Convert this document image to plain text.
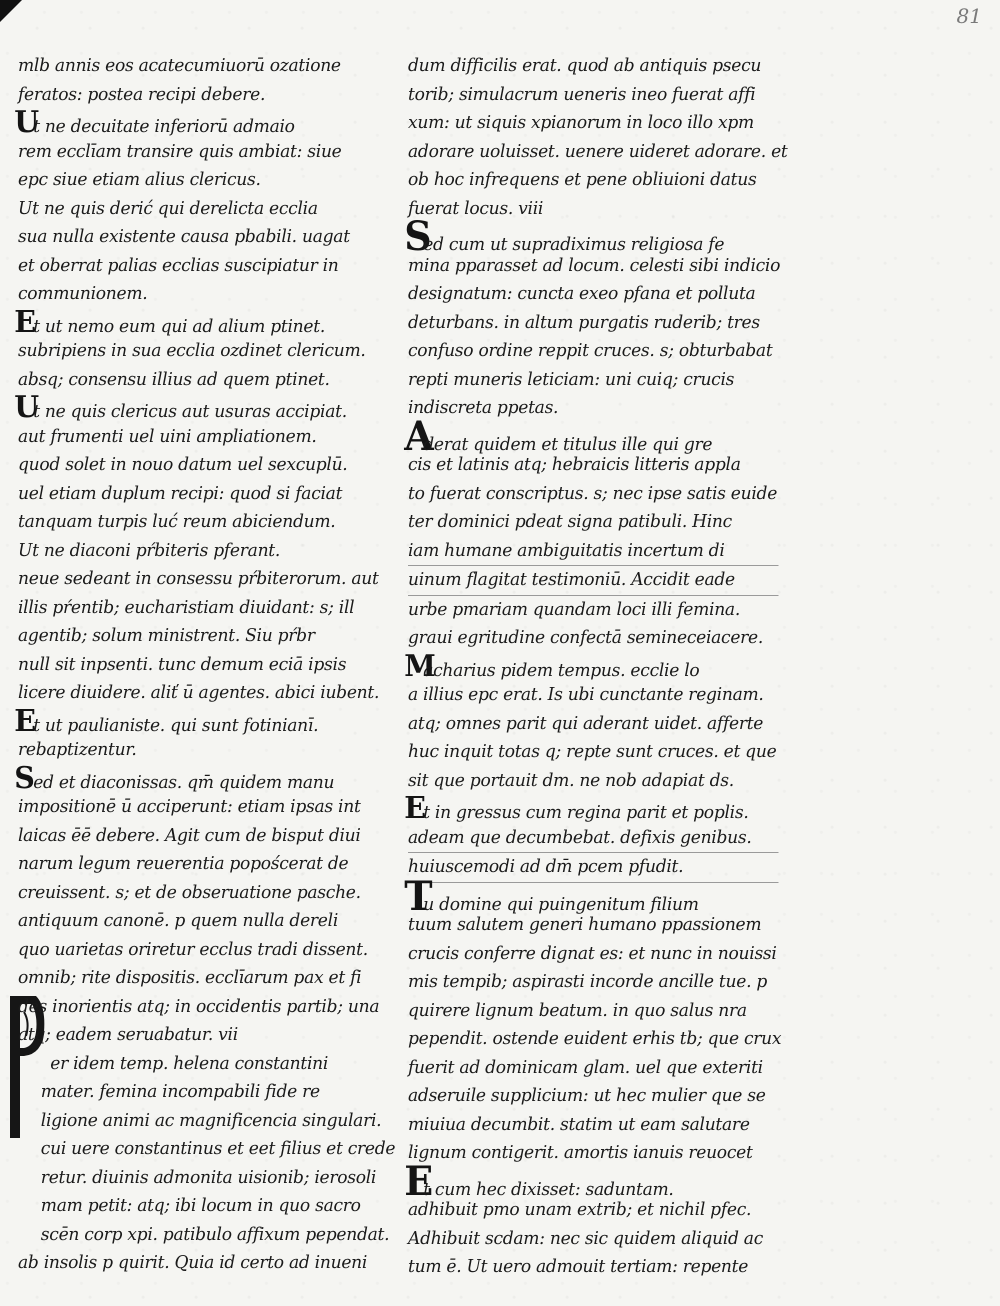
81
mlb annis eos acatecumiuorū ozatione
feratos: postea recipi debere.
Ut ne decuitate inferiorū admaio
rem ecclīam transire quis ambiat: siue
epc siue etiam alius clericus.
Ut ne quis derić qui derelicta ecclia
sua nulla existente causa pbabili. uagat
et oberrat palias ecclias suscipiatur in
communionem.
Et ut nemo eum qui ad alium ptinet.
subripiens in sua ecclia ozdinet clericum.
absq; consensu illius ad quem ptinet.
Ut ne quis clericus aut usuras accipiat.
aut frumenti uel uini ampliationem.
quod solet in nouo datum uel sexcuplū.
uel etiam duplum recipi: quod si faciat
tanquam turpis luć reum abiciendum.
Ut ne diaconi pŕbiteris pferant.
neue sedeant in consessu pŕbiterorum. aut
illis pŕentib; eucharistiam diuidant: s; ill
agentib; solum ministrent. Siu pŕbr
null sit inpsenti. tunc demum eciā ipsis
licere diuidere. aliť ū agentes. abici iubent.
Et ut paulianiste. qui sunt fotinianī.
rebaptizentur.
Sed et diaconissas. qm̄ quidem manu
impositionē ū acciperunt: etiam ipsas int
laicas ēē debere. Agit cum de bisput diui
narum legum reuerentia popoścerat de
creuissent. s; et de obseruatione pasche.
antiquum canonē. p quem nulla dereli
quo uarietas oriretur ecclus tradi dissent.
omnib; rite dispositis. ecclīarum pax et fi
des inorientis atq; in occidentis partib; una
atq; eadem seruabatur. vii
er idem temp. helena constantini
mater. femina incompabili fide re
ligione animi ac magnificencia singulari.
cui uere constantinus et eet filius et crede
retur. diuinis admonita uisionib; ierosoli
mam petit: atq; ibi locum in quo sacro
scēn corp xpi. patibulo affixum pependat.
ab insolis p quirit. Quia id certo ad inueni
dum difficilis erat. quod ab antiquis psecu
torib; simulacrum ueneris ineo fuerat affi
xum: ut siquis xpianorum in loco illo xpm
adorare uoluisset. uenere uideret adorare. et
ob hoc infrequens et pene obliuioni datus
fuerat locus. viii
Sed cum ut supradiximus religiosa fe
mina pparasset ad locum. celesti sibi indicio
designatum: cuncta exeo pfana et polluta
deturbans. in altum purgatis ruderib; tres
confuso ordine reppit cruces. s; obturbabat
repti muneris leticiam: uni cuiq; crucis
indiscreta ppetas.
Aderat quidem et titulus ille qui gre
cis et latinis atq; hebraicis litteris appla
to fuerat conscriptus. s; nec ipse satis euide
ter dominici pdeat signa patibuli. Hinc
iam humane ambiguitatis incertum di
uinum flagitat testimoniū. Accidit eade
urbe pmariam quandam loci illi femina.
graui egritudine confectā semineceiacere.
Macharius pidem tempus. ecclie lo
a illius epc erat. Is ubi cunctante reginam.
atq; omnes parit qui aderant uidet. afferte
huc inquit totas q; repte sunt cruces. et que
sit que portauit dm. ne nob adapiat ds.
Et in gressus cum regina parit et poplis.
adeam que decumbebat. defixis genibus.
huiuscemodi ad dm̄ pcem pfudit.
Tu domine qui puingenitum filium
tuum salutem generi humano ppassionem
crucis conferre dignat es: et nunc in nouissi
mis tempib; aspirasti incorde ancille tue. p
quirere lignum beatum. in quo salus nra
pependit. ostende euident erhis tb; que crux
fuerit ad dominicam glam. uel que exteriti
adseruile supplicium: ut hec mulier que se
miuiua decumbit. statim ut eam salutare
lignum contigerit. amortis ianuis reuocet
Et cum hec dixisset: saduntam.
adhibuit pmo unam extrib; et nichil pfec.
Adhibuit scdam: nec sic quidem aliquid ac
tum ē. Ut uero admouit tertiam: repente
